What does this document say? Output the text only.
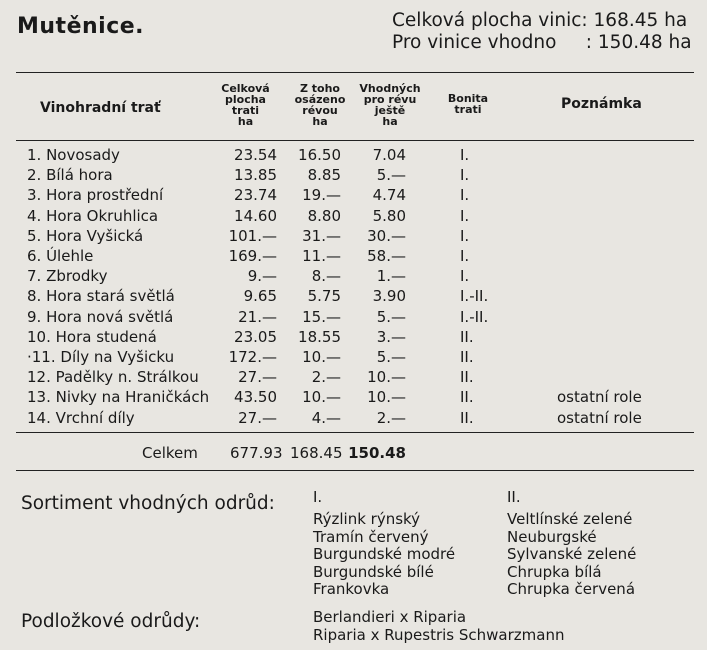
Mutěnice.	Celková plocha vinic: 168.45 ha
Pro vinice vhodno     : 150.48 ha
Vinohradní trať
Celková
plocha
trati
ha
Z toho
osázeno
révou
ha
Vhodných
pro révu
ještě
ha
Bonita
trati	Poznámka
1. Novosady	23.54	16.50	7.04	I.
2. Bílá hora	13.85	8.85	5.—	I.
3. Hora prostřední	23.74	19.—	4.74	I.
4. Hora Okruhlica	14.60	8.80	5.80	I.
5. Hora Vyšická	101.—	31.—	30.—	I.
6. Úlehle	169.—	11.—	58.—	I.
7. Zbrodky	9.—	8.—	1.—	I.
8. Hora stará světlá	9.65	5.75	3.90	I.-II.
9. Hora nová světlá	21.—	15.—	5.—	I.-II.
10. Hora studená	23.05	18.55	3.—	II.
·11. Díly na Vyšicku	172.—	10.—	5.—	II.
12. Padělky n. Strálkou	27.—	2.—	10.—	II.
13. Nivky na Hraničkách	43.50	10.—	10.—	II.	ostatní role
14. Vrchní díly	27.—	4.—	2.—	II.	ostatní role
Celkem 677.93 168.45 150.48
Sortiment vhodných odrůd:	I.	II.
Rýzlink rýnský
Tramín červený
Burgundské modré
Burgundské bílé
Frankovka
Veltlínské zelené
Neuburgské
Sylvanské zelené
Chrupka bílá
Chrupka červená
Podložkové odrůdy:	Berlandieri x Riparia
Riparia x Rupestris Schwarzmann
